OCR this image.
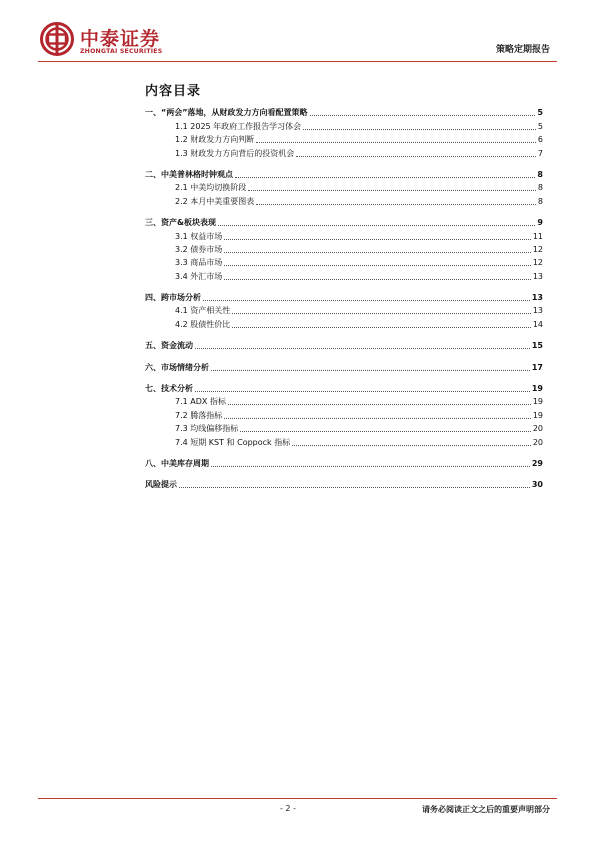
中泰证券
ZHONGTAI SECURITIES	策略定期报告
内容目录
一、“两会”落地，从财政发力方向看配置策略	5
1.1 2025 年政府工作报告学习体会	5
1.2 财政发力方向判断	6
1.3 财政发力方向背后的投资机会	7
二、中美普林格时钟观点	8
2.1 中美均切换阶段	8
2.2 本月中美重要图表	8
三、资产&板块表现	9
3.1 权益市场	11
3.2 债券市场	12
3.3 商品市场	12
3.4 外汇市场	13
四、跨市场分析	13
4.1 资产相关性	13
4.2 股债性价比	14
五、资金流动	15
六、市场情绪分析	17
七、技术分析	19
7.1 ADX 指标	19
7.2 腾落指标	19
7.3 均线偏移指标	20
7.4 短期 KST 和 Coppock 指标	20
八、中美库存周期	29
风险提示	30
- 2 -	请务必阅读正文之后的重要声明部分
